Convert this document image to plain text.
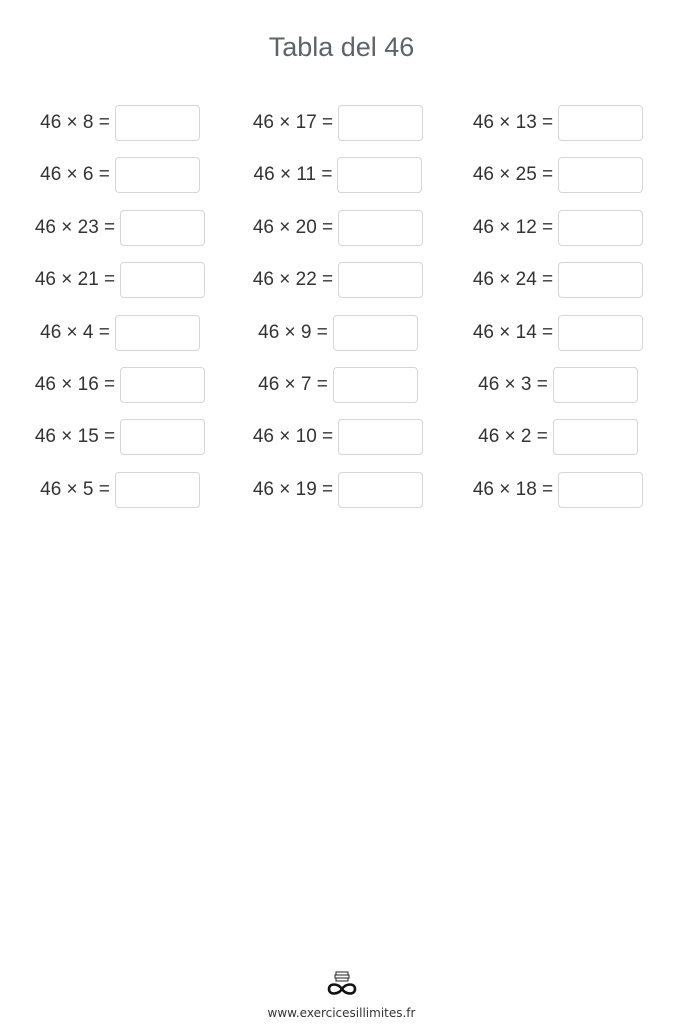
Tabla del 46
46 × 8 =	46 × 17 =	46 × 13 =
46 × 6 =	46 × 11 =	46 × 25 =
46 × 23 =	46 × 20 =	46 × 12 =
46 × 21 =	46 × 22 =	46 × 24 =
46 × 4 =	46 × 9 =	46 × 14 =
46 × 16 =	46 × 7 =	46 × 3 =
46 × 15 =	46 × 10 =	46 × 2 =
46 × 5 =	46 × 19 =	46 × 18 =
www.exercicesillimites.fr
